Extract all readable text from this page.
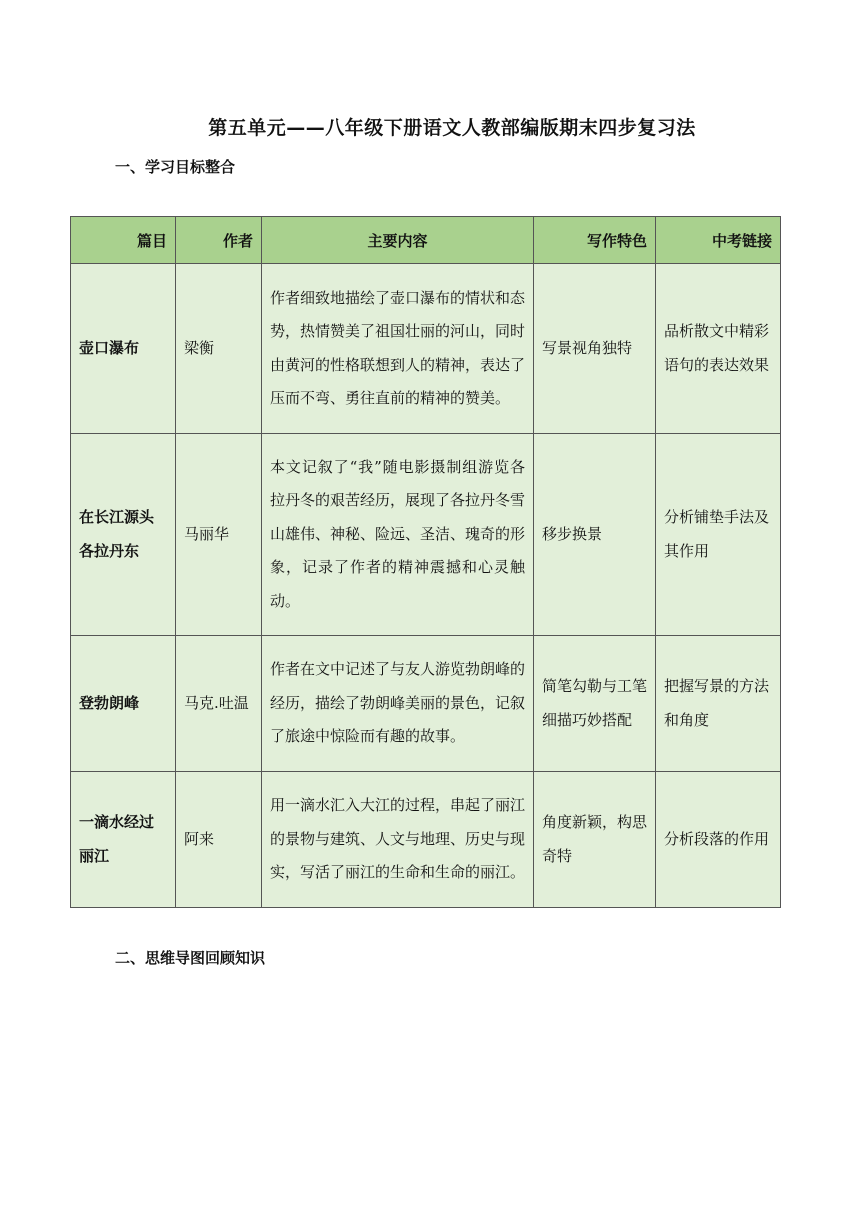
第五单元——八年级下册语文人教部编版期末四步复习法
一、学习目标整合
篇目	作者	主要内容	写作特色	中考链接
壶口瀑布	梁衡	作者细致地描绘了壶口瀑布的情状和态势，热情赞美了祖国壮丽的河山，同时由黄河的性格联想到人的精神，表达了压而不弯、勇往直前的精神的赞美。	写景视角独特	品析散文中精彩语句的表达效果
在长江源头各拉丹东	马丽华	本文记叙了“我”随电影摄制组游览各拉丹冬的艰苦经历，展现了各拉丹冬雪山雄伟、神秘、险远、圣洁、瑰奇的形象，记录了作者的精神震撼和心灵触动。	移步换景	分析铺垫手法及其作用
登勃朗峰	马克.吐温	作者在文中记述了与友人游览勃朗峰的经历，描绘了勃朗峰美丽的景色，记叙了旅途中惊险而有趣的故事。	简笔勾勒与工笔细描巧妙搭配	把握写景的方法和角度
一滴水经过丽江	阿来	用一滴水汇入大江的过程，串起了丽江的景物与建筑、人文与地理、历史与现实，写活了丽江的生命和生命的丽江。	角度新颖，构思奇特	分析段落的作用
二、思维导图回顾知识
